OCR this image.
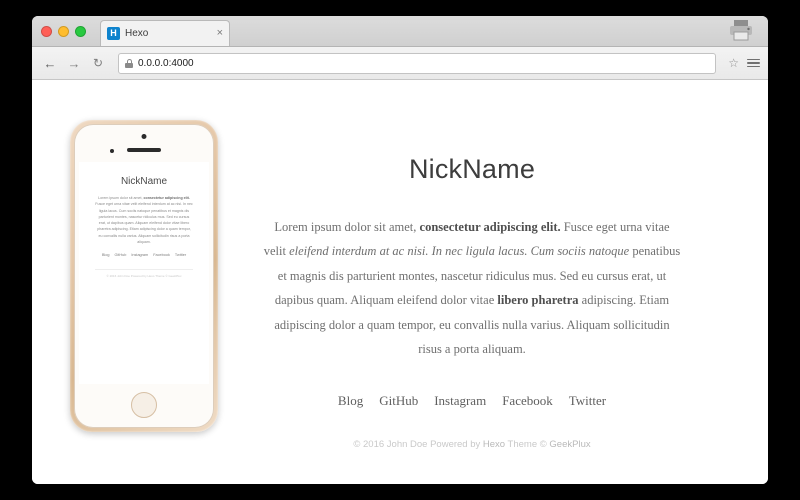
H Hexo	×
← →	↻	0.0.0.0:4000	☆
NickName
Lorem ipsum dolor sit amet, consectetur adipiscing elit. Fusce eget urna vitae velit eleifend interdum at ac nisi. In nec ligula lacus. Cum sociis natoque penatibus et magnis dis parturient montes, nascetur ridiculus mus. Sed eu cursus erat, ut dapibus quam. Aliquam eleifend dolor vitae libero pharetra adipiscing. Etiam adipiscing dolor a quam tempor, eu convallis nulla varius. Aliquam sollicitudin risus a porta aliquam.
Blog GitHub Instagram Facebook Twitter
© 2016 John Doe Powered by Hexo Theme © GeekPlux
NickName

Lorem ipsum dolor sit amet, consectetur adipiscing elit. Fusce eget urna vitae velit eleifend interdum at ac nisi. In nec ligula lacus. Cum sociis natoque penatibus et magnis dis parturient montes, nascetur ridiculus mus. Sed eu cursus erat, ut dapibus quam. Aliquam eleifend dolor vitae libero pharetra adipiscing. Etiam adipiscing dolor a quam tempor, eu convallis nulla varius. Aliquam sollicitudin risus a porta aliquam.

Blog GitHub Instagram Facebook Twitter
© 2016 John Doe Powered by Hexo Theme © GeekPlux
